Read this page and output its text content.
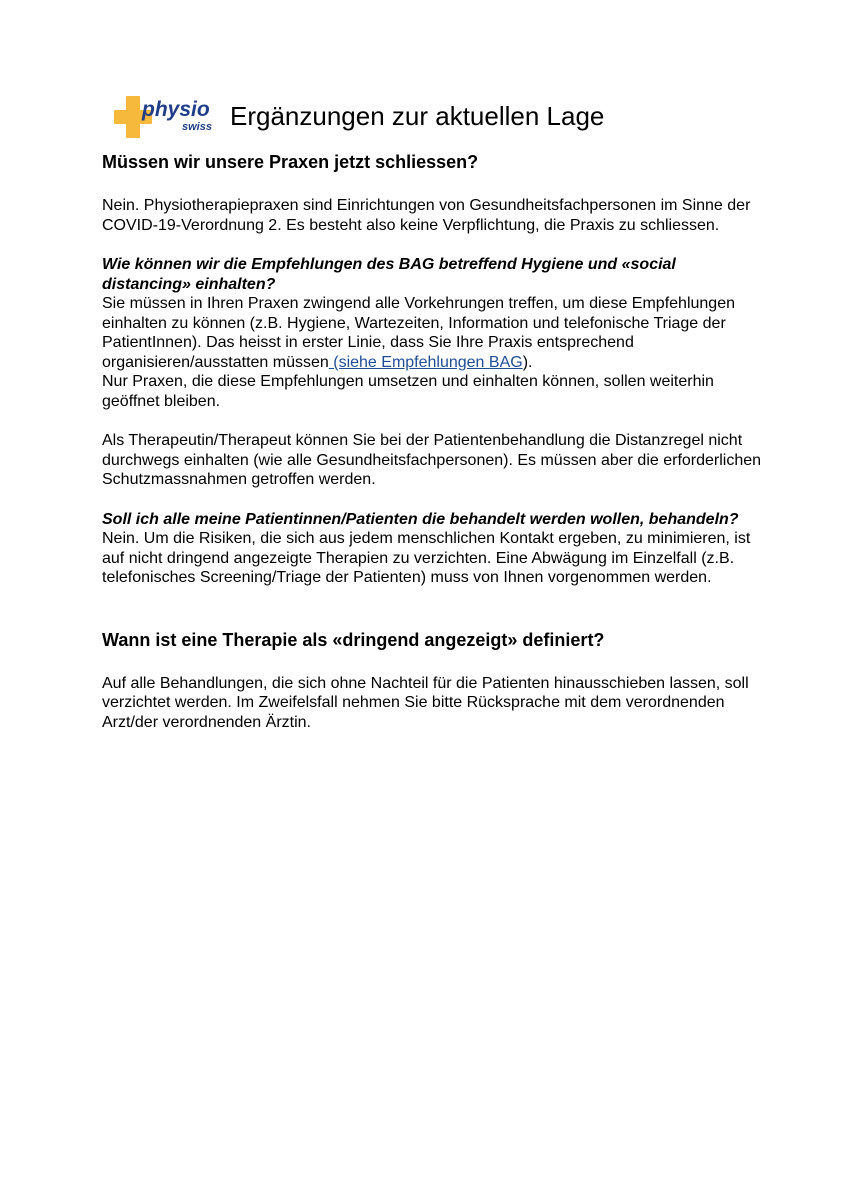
physio
swiss Ergänzungen zur aktuellen Lage

Müssen wir unsere Praxen jetzt schliessen?

Nein. Physiotherapiepraxen sind Einrichtungen von Gesundheitsfachpersonen im Sinne der COVID-19-Verordnung 2. Es besteht also keine Verpflichtung, die Praxis zu schliessen.

Wie können wir die Empfehlungen des BAG betreffend Hygiene und «social distancing» einhalten?

Sie müssen in Ihren Praxen zwingend alle Vorkehrungen treffen, um diese Empfehlungen einhalten zu können (z.B. Hygiene, Wartezeiten, Information und telefonische Triage der PatientInnen). Das heisst in erster Linie, dass Sie Ihre Praxis entsprechend organisieren/ausstatten müssen (siehe Empfehlungen BAG).

Nur Praxen, die diese Empfehlungen umsetzen und einhalten können, sollen weiterhin geöffnet bleiben.

Als Therapeutin/Therapeut können Sie bei der Patientenbehandlung die Distanzregel nicht durchwegs einhalten (wie alle Gesundheitsfachpersonen). Es müssen aber die erforderlichen Schutzmassnahmen getroffen werden.

Soll ich alle meine Patientinnen/Patienten die behandelt werden wollen, behandeln?

Nein. Um die Risiken, die sich aus jedem menschlichen Kontakt ergeben, zu minimieren, ist auf nicht dringend angezeigte Therapien zu verzichten. Eine Abwägung im Einzelfall (z.B. telefonisches Screening/Triage der Patienten) muss von Ihnen vorgenommen werden.

Wann ist eine Therapie als «dringend angezeigt» definiert?

Auf alle Behandlungen, die sich ohne Nachteil für die Patienten hinausschieben lassen, soll verzichtet werden. Im Zweifelsfall nehmen Sie bitte Rücksprache mit dem verordnenden Arzt/der verordnenden Ärztin.
